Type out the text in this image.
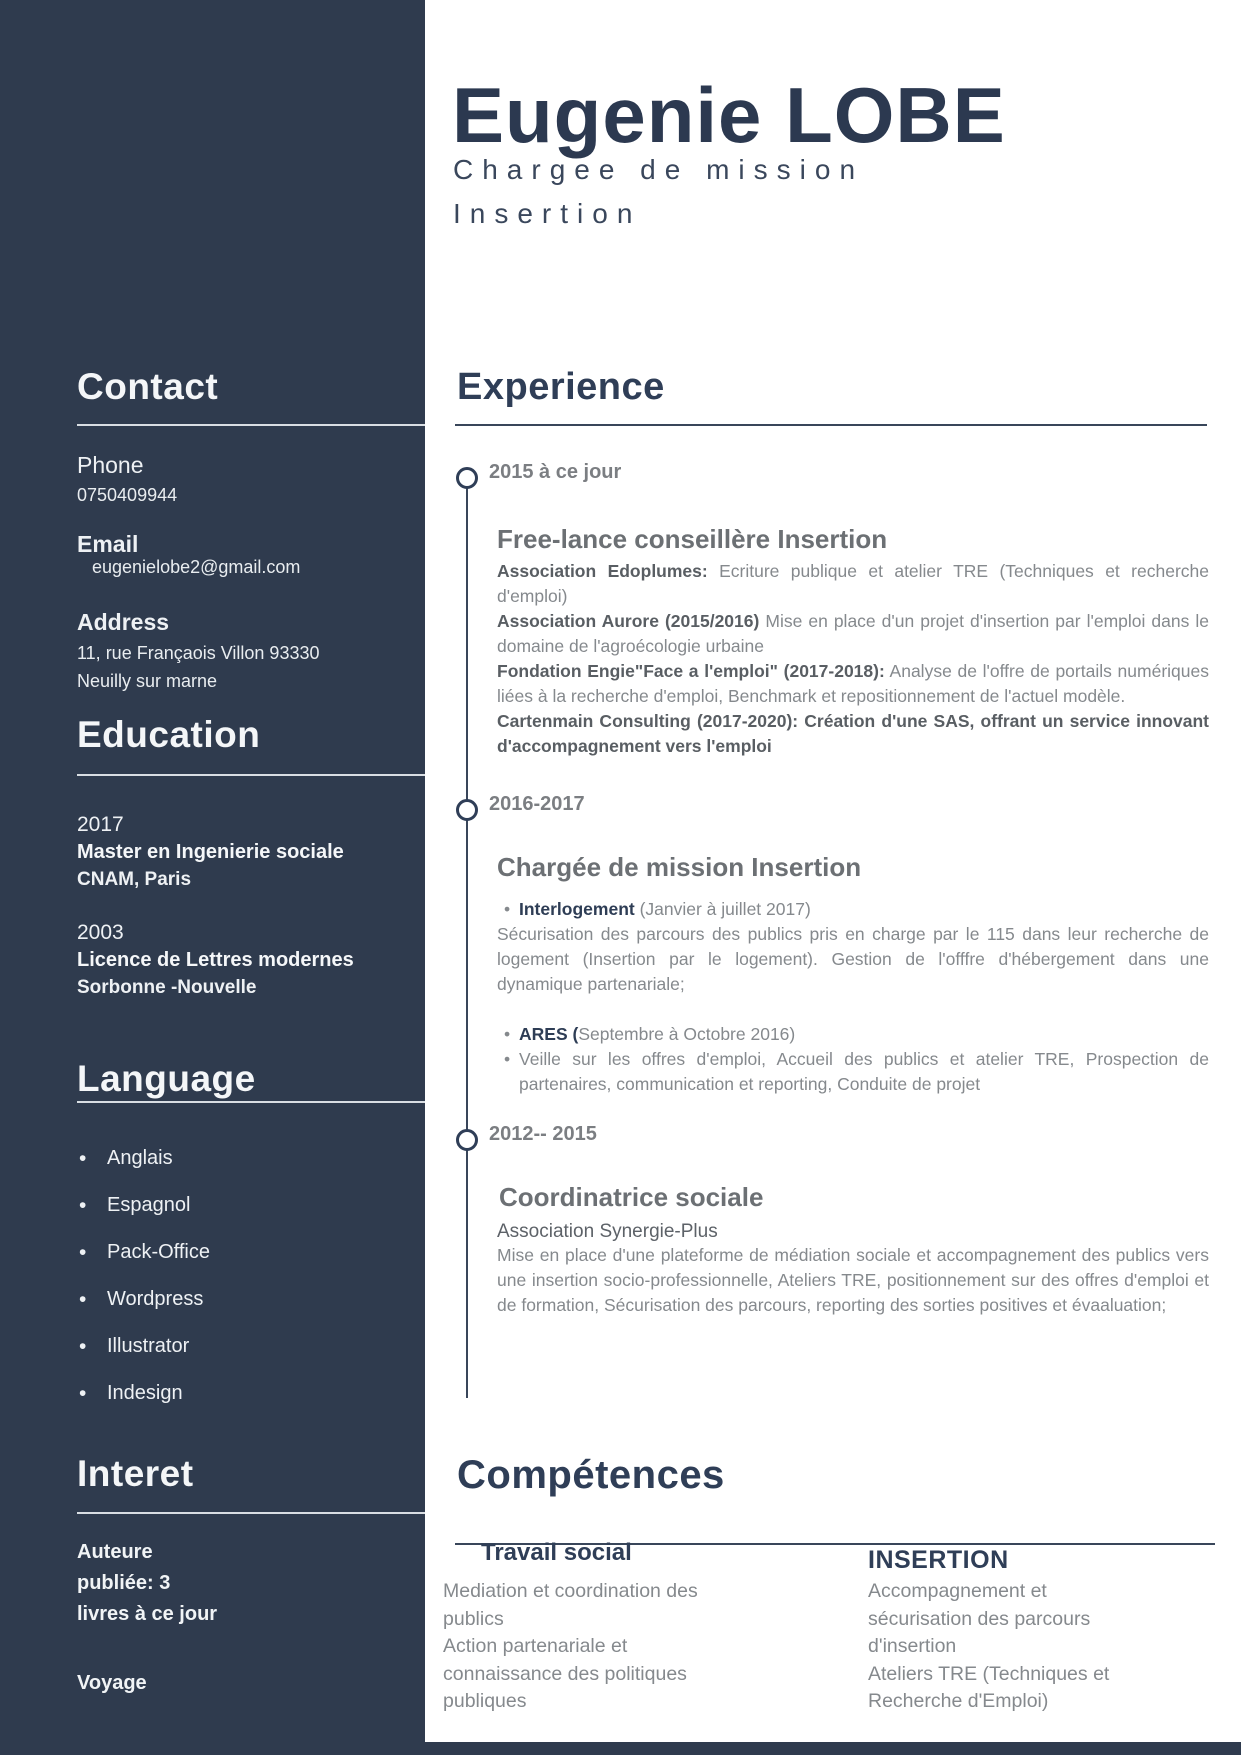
Contact
Phone
0750409944
Email
eugenielobe2@gmail.com
Address
11, rue Françaois Villon 93330
Neuilly sur marne
Education
2017
Master en Ingenierie sociale
CNAM, Paris
2003
Licence de Lettres modernes
Sorbonne -Nouvelle
Language
• Anglais
• Espagnol
• Pack-Office
• Wordpress
• Illustrator
• Indesign
Interet
Auteure
publiée: 3
livres à ce jour
Voyage
Eugenie LOBE
Chargee de mission
Insertion
Experience
2015 à ce jour
Free-lance conseillère Insertion

Association Edoplumes: Ecriture publique et atelier TRE (Techniques et recherche d'emploi)

Association Aurore (2015/2016) Mise en place d'un projet d'insertion par l'emploi dans le domaine de l'agroécologie urbaine

Fondation Engie"Face a l'emploi" (2017-2018): Analyse de l'offre de portails numériques liées à la recherche d'emploi, Benchmark et repositionnement de l'actuel modèle.

Cartenmain Consulting (2017-2020): Création d'une SAS, offrant un service innovant d'accompagnement vers l'emploi

2016-2017
Chargée de mission Insertion
• Interlogement (Janvier à juillet 2017)
Sécurisation des parcours des publics pris en charge par le 115 dans leur recherche de logement (Insertion par le logement). Gestion de l'offfre d'hébergement dans une dynamique partenariale;
• ARES (Septembre à Octobre 2016)
• Veille sur les offres d'emploi, Accueil des publics et atelier TRE, Prospection de partenaires, communication et reporting, Conduite de projet
2012-- 2015
Coordinatrice sociale
Association Synergie-Plus
Mise en place d'une plateforme de médiation sociale et accompagnement des publics vers une insertion socio-professionnelle, Ateliers TRE, positionnement sur des offres d'emploi et de formation, Sécurisation des parcours, reporting des sorties positives et évaaluation;
Compétences
Travail social
Mediation et coordination des publics
Action partenariale et connaissance des politiques publiques
INSERTION
Accompagnement et sécurisation des parcours d'insertion
Ateliers TRE (Techniques et Recherche d'Emploi)
